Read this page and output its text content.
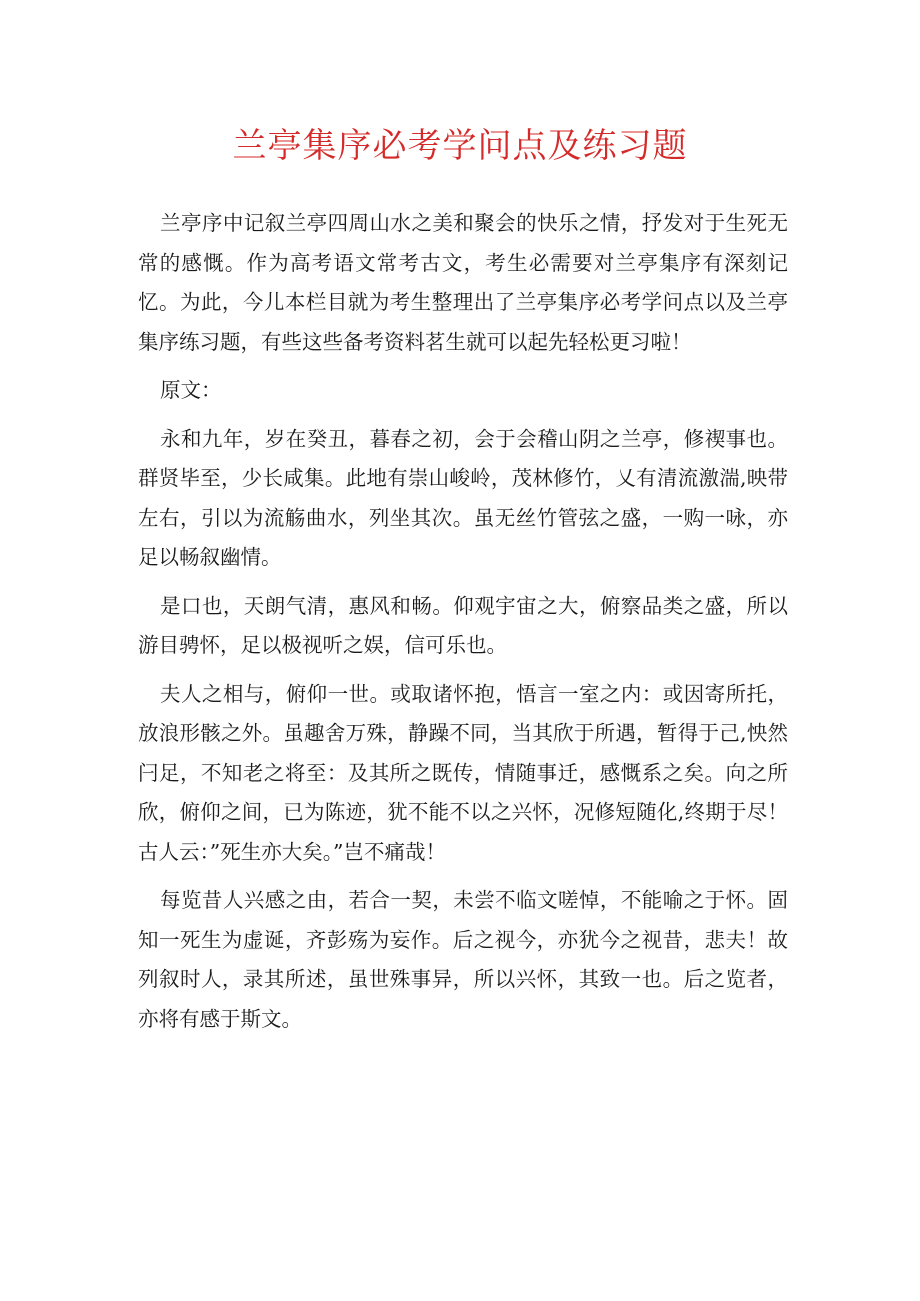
兰亭集序必考学问点及练习题

兰亭序中记叙兰亭四周山水之美和聚会的快乐之情，抒发对于生死无常的感慨。作为高考语文常考古文，考生必需要对兰亭集序有深刻记忆。为此，今儿本栏目就为考生整理出了兰亭集序必考学问点以及兰亭集序练习题，有些这些备考资料茗生就可以起先轻松更习啦！

原文：

永和九年，岁在癸丑，暮春之初，会于会稽山阴之兰亭，修禊事也。群贤毕至，少长咸集。此地有崇山峻岭，茂林修竹，乂有清流激湍,映带左右，引以为流觞曲水，列坐其次。虽无丝竹管弦之盛，一购一咏，亦足以畅叙幽情。

是口也，天朗气清，惠风和畅。仰观宇宙之大，俯察品类之盛，所以游目骋怀，足以极视听之娱，信可乐也。

夫人之相与，俯仰一世。或取诸怀抱，悟言一室之内：或因寄所托，放浪形骸之外。虽趣舍万殊，静躁不同，当其欣于所遇，暂得于己,怏然闩足，不知老之将至：及其所之既传，情随事迁，感慨系之矣。向之所欣，俯仰之间，已为陈迹，犹不能不以之兴怀，况修短随化,终期于尽！古人云：”死生亦大矣。”岂不痛哉！

每览昔人兴感之由，若合一契，未尝不临文嗟悼，不能喻之于怀。固知一死生为虚诞，齐彭殇为妄作。后之视今，亦犹今之视昔，悲夫！故列叙时人，录其所述，虽世殊事异，所以兴怀，其致一也。后之览者，亦将有感于斯文。
